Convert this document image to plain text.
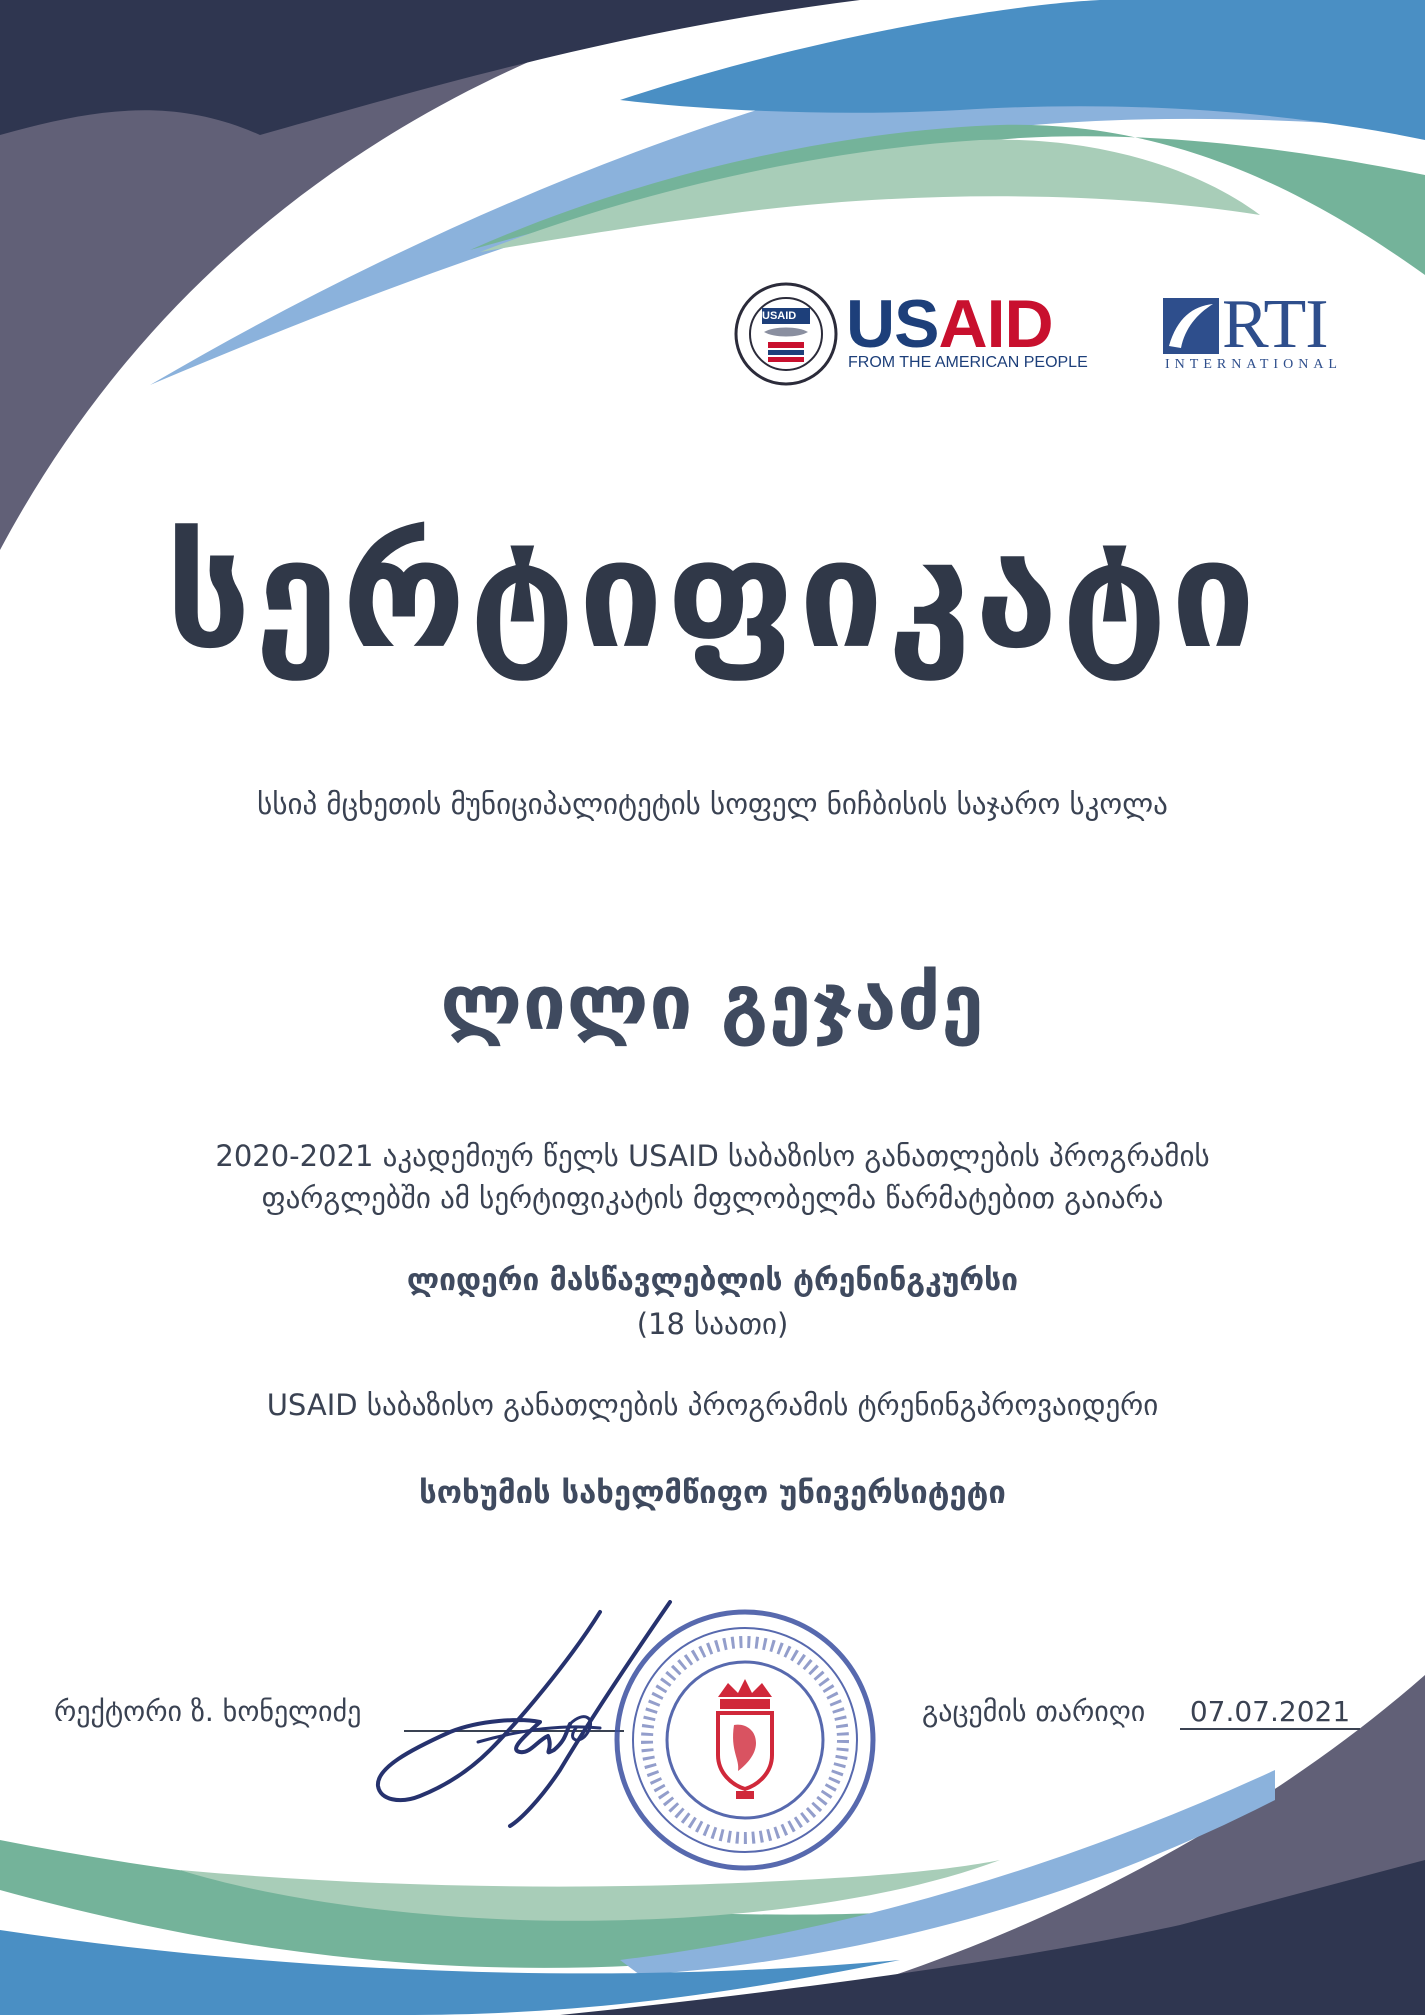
USAID USAID
FROM THE AMERICAN PEOPLE RTI
INTERNATIONAL
სერტიფიკატი
სსიპ მცხეთის მუნიციპალიტეტის სოფელ ნიჩბისის საჯარო სკოლა
ლილი გეჯაძე
2020-2021 აკადემიურ წელს USAID საბაზისო განათლების პროგრამის
ფარგლებში ამ სერტიფიკატის მფლობელმა წარმატებით გაიარა
ლიდერი მასწავლებლის ტრენინგკურსი
(18 საათი)
USAID საბაზისო განათლების პროგრამის ტრენინგპროვაიდერი
სოხუმის სახელმწიფო უნივერსიტეტი
რექტორი ზ. ხონელიძე	გაცემის თარიღი	07.07.2021
